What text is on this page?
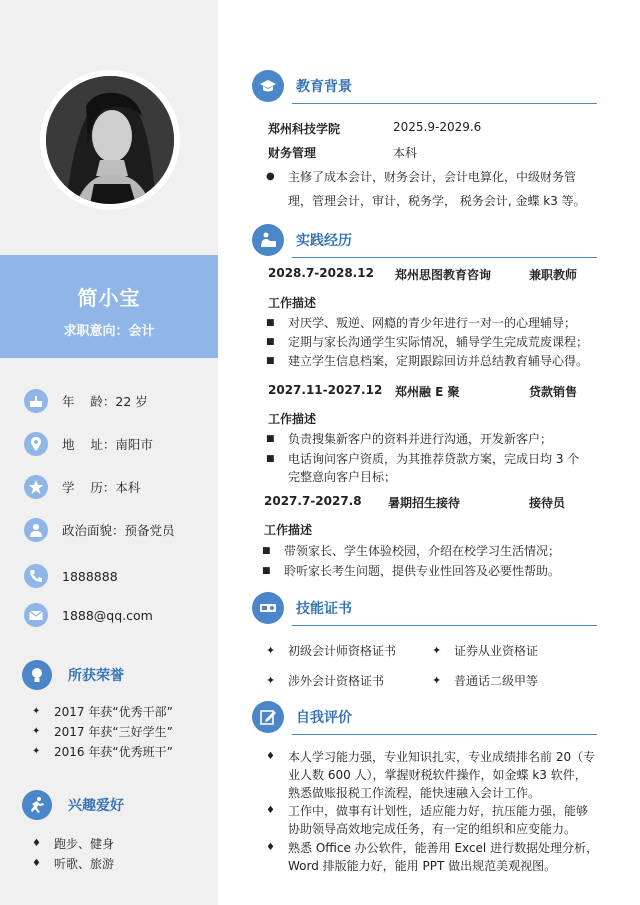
简小宝
求职意向：会计
年    龄： 22 岁
地    址： 南阳市
学    历： 本科
政治面貌： 预备党员
1888888
1888@qq.com
所获荣誉
✦	2017 年获“优秀干部”
✦	2017 年获“三好学生”
✦	2016 年获“优秀班干”
兴趣爱好
♦	跑步、健身
♦	听歌、旅游
教育背景
郑州科技学院	2025.9-2029.6
财务管理	本科
●	主修了成本会计，财务会计，会计电算化，中级财务管
理，管理会计，审计，税务学， 税务会计, 金蝶 k3 等。
实践经历
2028.7-2028.12 郑州思图教育咨询	兼职教师
工作描述
■	对厌学、叛逆、网瘾的青少年进行一对一的心理辅导；
■	定期与家长沟通学生实际情况，辅导学生完成荒废课程；
■	建立学生信息档案，定期跟踪回访并总结教育辅导心得。
2027.11-2027.12 郑州融 E 聚	贷款销售
工作描述
■	负责搜集新客户的资料并进行沟通，开发新客户；
■	电话询问客户资质，为其推荐贷款方案，完成日均 3 个
完整意向客户目标；
2027.7-2027.8 暑期招生接待	接待员
工作描述
■	带领家长、学生体验校园，介绍在校学习生活情况；
■	聆听家长考生问题，提供专业性回答及必要性帮助。
技能证书
✦	初级会计师资格证书	✦	证券从业资格证
✦	涉外会计资格证书	✦	普通话二级甲等
自我评价
♦	本人学习能力强，专业知识扎实，专业成绩排名前 20（专
业人数 600 人），掌握财税软件操作，如金蝶 k3 软件，
熟悉做账报税工作流程，能快速融入会计工作。
♦	工作中，做事有计划性，适应能力好，抗压能力强，能够
协助领导高效地完成任务，有一定的组织和应变能力。
♦	熟悉 Office 办公软件，能善用 Excel 进行数据处理分析，
Word 排版能力好，能用 PPT 做出规范美观视图。
